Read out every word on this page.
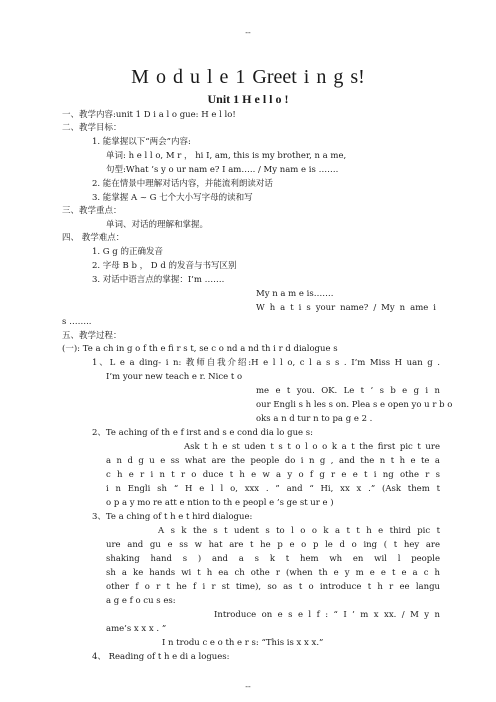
--
M o d u l e 1 Greet i n g s!
Unit 1 H e l l o !
一、教学内容:unit 1 D i a l o gue: H e l lo!
二、教学目标：
1. 能掌握以下“两会”内容:
单词: h e l l o, M r ， hi I, am, this is my brother, n a me,
句型:What ’s y o ur nam e? I am….. / My nam e is …….
2. 能在情景中理解对话内容，并能流利朗读对话
3. 能掌握 A ~ G 七个大小写字母的读和写
三、教学重点：
单词、对话的理解和掌握。
四、 教学难点：
1. G g 的正确发音
2. 字母 B b ， D d 的发音与书写区别
3. 对话中语言点的掌握：I’m …….
My n a m e is…….
W h a t i s your name? / My n ame i
s ……..
五、教学过程：
(一): Te a ch in g o f th e fi r s t, se c o nd a nd th i r d dialogue s
1、L e a ding- i n: 教师自我介绍:H e l l o, c l a s s . I’m Miss H uan g .
I’m your new teach e r. Nice t o
me e t you. OK. Le t ’ s b e g i n
our Engli s h les s on. Plea s e open yo u r b o
oks a n d tur n to pa g e 2 .
2、Te aching of th e f irst and s e cond dia lo gue s:
Ask t h e st uden t s t o l o o k a t the first pic t ure
a n d g u e ss what are the people do i n g , and the n t h e te a
c h e r i n t r o duce t h e w a y o f g r e e t i ng othe r s
i n Engli sh “ H e l l o, xxx . ” and “ Hi, xx x .” (Ask them t
o p a y mo re att e ntion to th e peopl e ’s ge st ur e )
3、Te a ching of t h e t hird dialogue:
A s k the s t udent s to l o o k a t t h e third pic t
ure and gu e ss w hat are t he p e o p le d o ing ( t hey are
shaking hand s ) and a s k t hem wh en wil l people
sh a ke hands wi t h ea ch othe r (when th e y m e e t e a c h
other f o r t he f i r st time), so as t o introduce t h r ee langu
a g e f o cu s es:
Introduce on e s e l f : “ I ’ m x xx. / M y n
ame’s x x x . ”
I n trodu c e o th e r s: “This is x x x.”
4、 Reading of t h e di a logues:
--
